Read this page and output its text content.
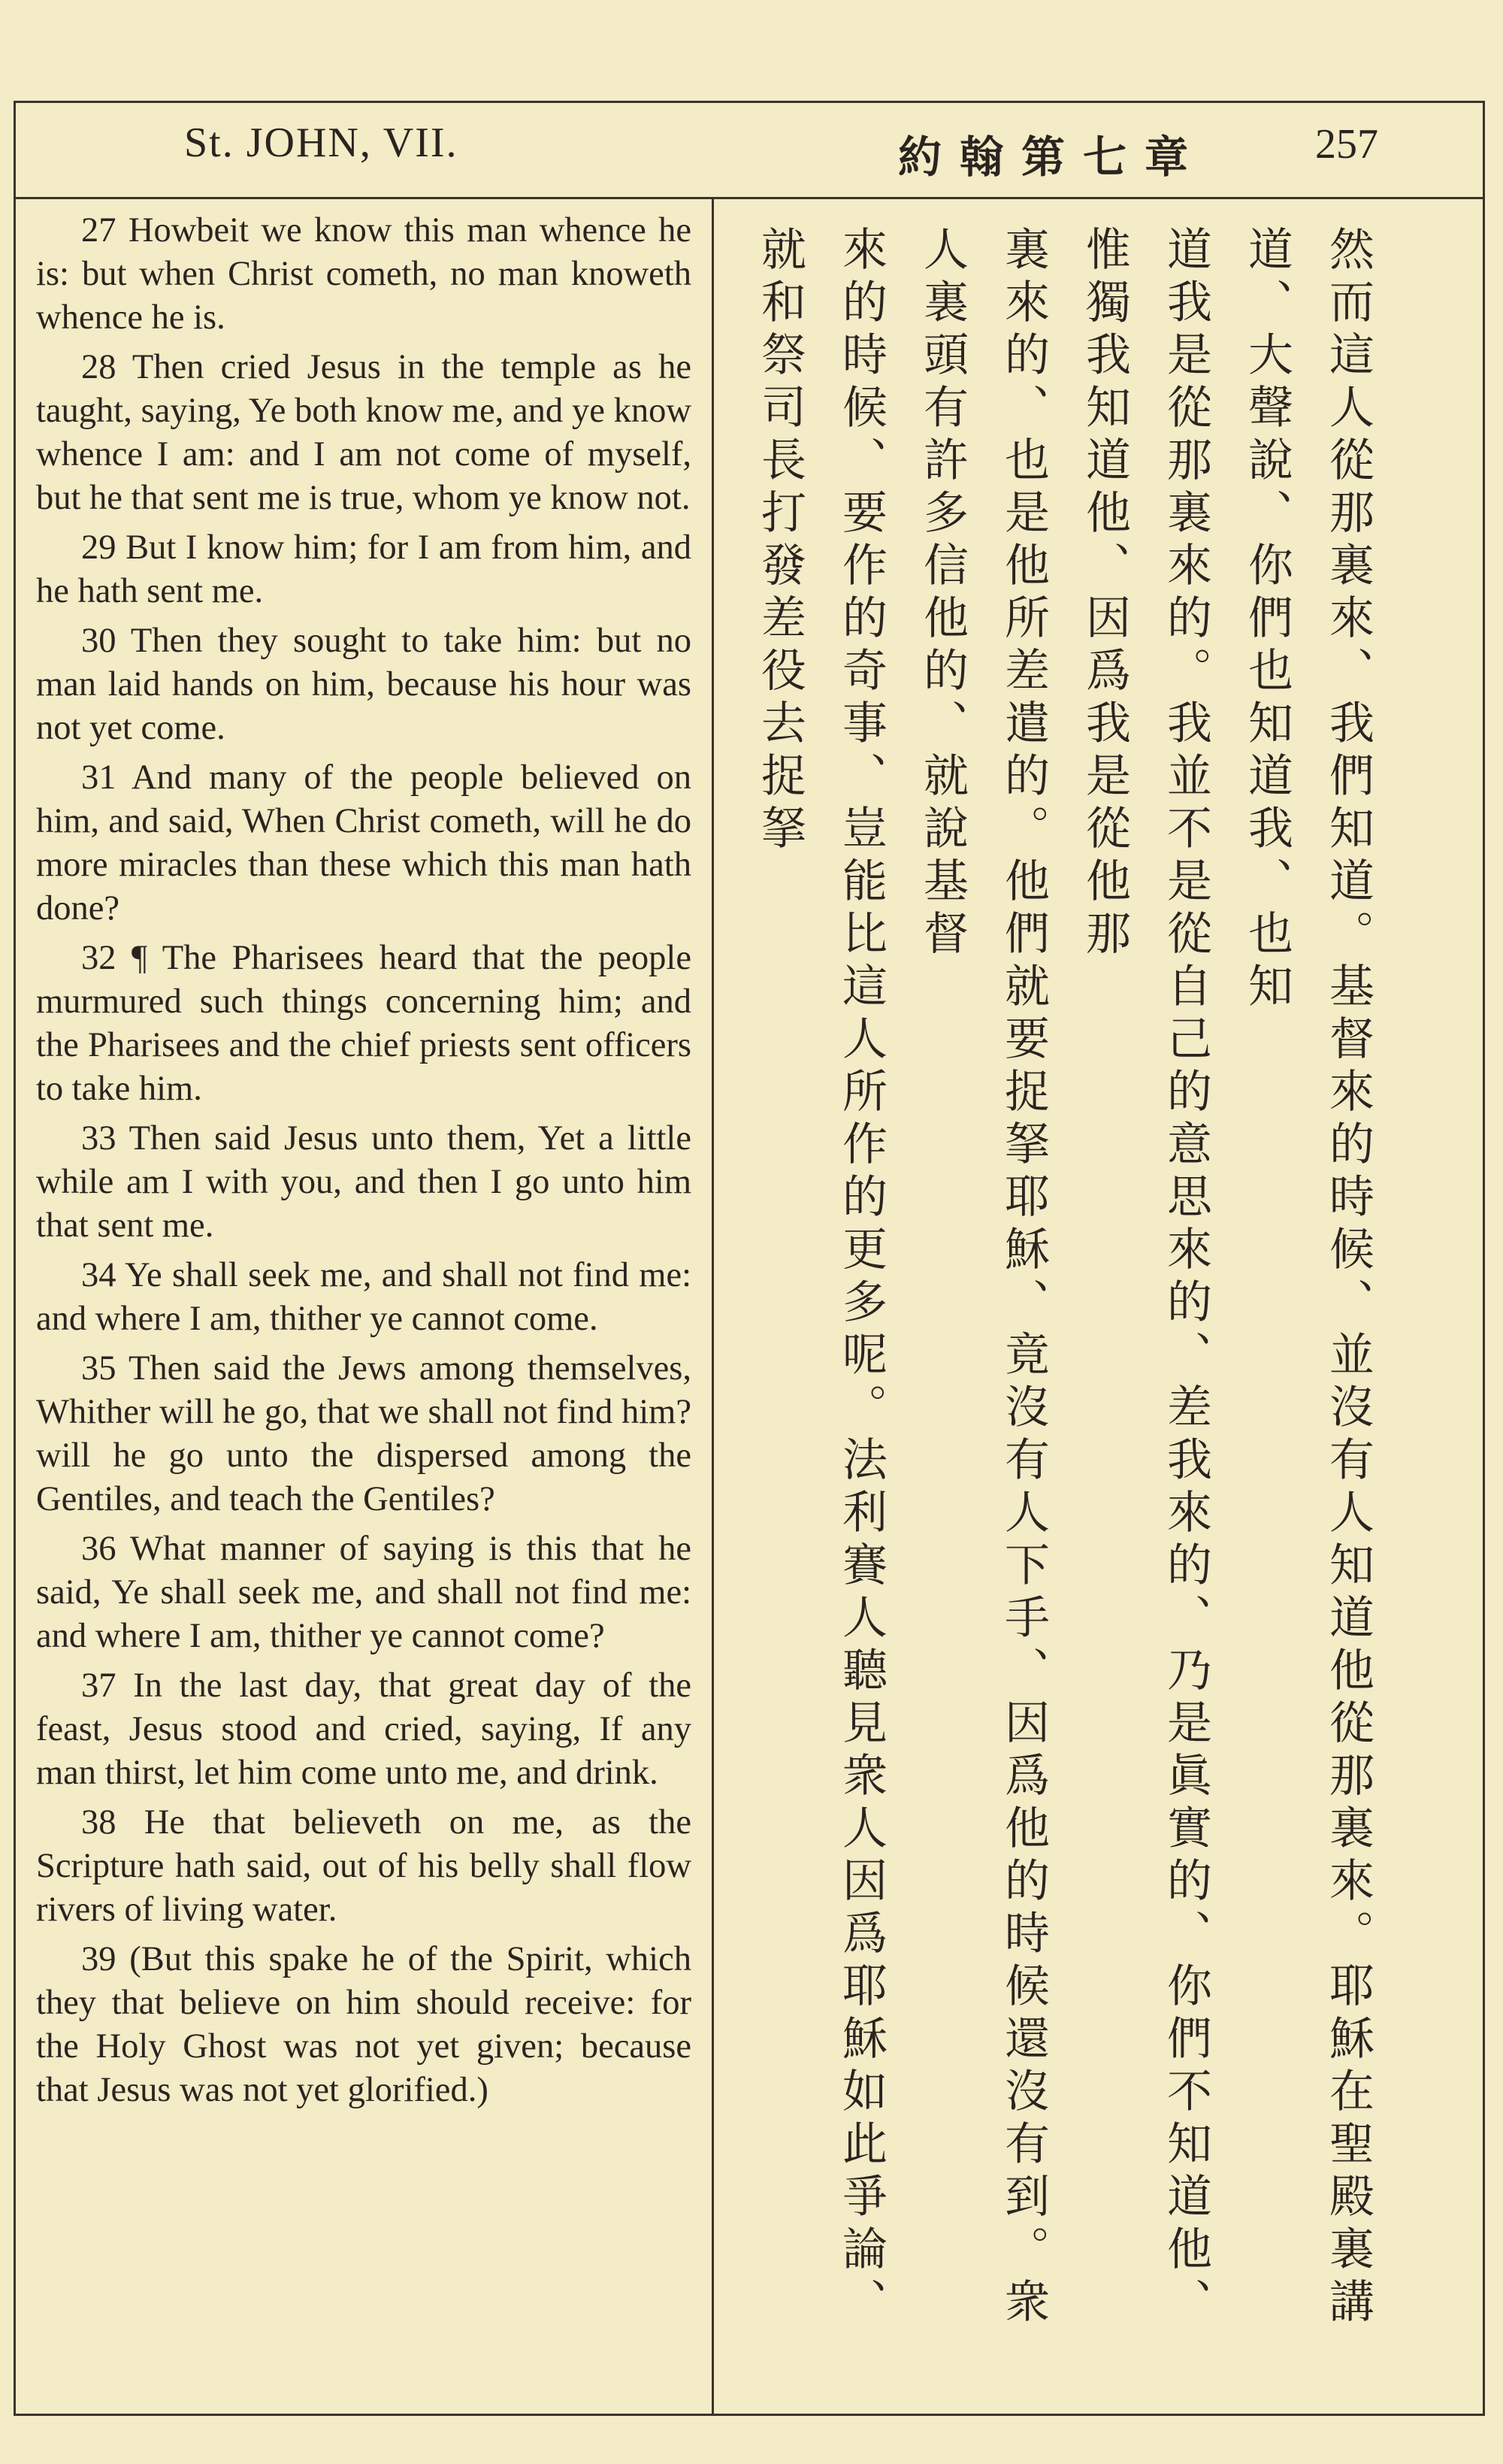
St. JOHN, VII.	約翰第七章	257

27 Howbeit we know this man whence he is: but when Christ cometh, no man knoweth whence he is.

28 Then cried Jesus in the temple as he taught, saying, Ye both know me, and ye know whence I am: and I am not come of myself, but he that sent me is true, whom ye know not.

29 But I know him; for I am from him, and he hath sent me.

30 Then they sought to take him: but no man laid hands on him, because his hour was not yet come.

31 And many of the people believed on him, and said, When Christ cometh, will he do more miracles than these which this man hath done?

32 ¶ The Pharisees heard that the people murmured such things concerning him; and the Pharisees and the chief priests sent officers to take him.

33 Then said Jesus unto them, Yet a little while am I with you, and then I go unto him that sent me.

34 Ye shall seek me, and shall not find me: and where I am, thither ye cannot come.

35 Then said the Jews among themselves, Whither will he go, that we shall not find him? will he go unto the dispersed among the Gentiles, and teach the Gentiles?

36 What manner of saying is this that he said, Ye shall seek me, and shall not find me: and where I am, thither ye cannot come?

37 In the last day, that great day of the feast, Jesus stood and cried, saying, If any man thirst, let him come unto me, and drink.

38 He that believeth on me, as the Scripture hath said, out of his belly shall flow rivers of living water.

39 (But this spake he of the Spirit, which they that believe on him should receive: for the Holy Ghost was not yet given; because that Jesus was not yet glorified.)	然而這人從那裏來、我們知道。基督來的時候、並沒有人知道他從那裏來。耶穌在聖殿裏講道、大聲說、你們也知道我、也知
道我是從那裏來的。我並不是從自己的意思來的、差我來的、乃是眞實的、你們不知道他、惟獨我知道他、因爲我是從他那
裏來的、也是他所差遣的。他們就要捉拏耶穌、竟沒有人下手、因爲他的時候還沒有到。衆人裏頭有許多信他的、就說基督
來的時候、要作的奇事、豈能比這人所作的更多呢。法利賽人聽見衆人因爲耶穌如此爭論、就和祭司長打發差役去捉拏
